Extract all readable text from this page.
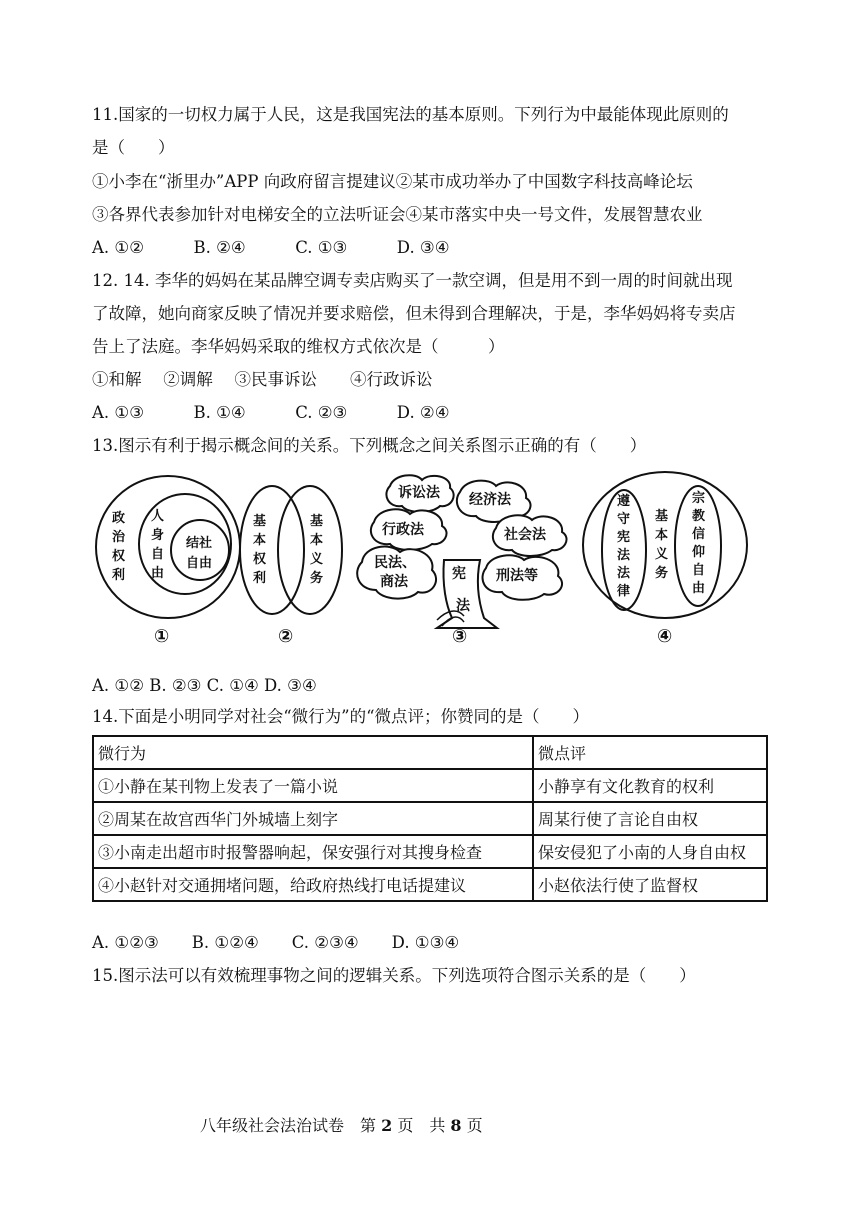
11.国家的一切权力属于人民，这是我国宪法的基本原则。下列行为中最能体现此原则的
是（　　）
①小李在“浙里办”APP 向政府留言提建议②某市成功举办了中国数字科技高峰论坛
③各界代表参加针对电梯安全的立法听证会④某市落实中央一号文件，发展智慧农业
A. ①②　　　B. ②④　　　C. ①③　　　D. ③④
12. 14. 李华的妈妈在某品牌空调专卖店购买了一款空调，但是用不到一周的时间就出现
了故障，她向商家反映了情况并要求赔偿，但未得到合理解决，于是，李华妈妈将专卖店
告上了法庭。李华妈妈采取的维权方式依次是（　　　）
①和解　 ②调解　 ③民事诉讼　　④行政诉讼
A. ①③　　　B. ①④　　　C. ②③　　　D. ②④
13.图示有利于揭示概念间的关系。下列概念之间关系图示正确的有（　　）
政
治
权
利
人
身
自
由
结社
自由
①
基
本
权
利
基
本
义
务
②
诉讼法 经济法
行政法	社会法
刑法等
民法、
商法	宪
法
③
遵
守
宪
法
法
律
基
本
义
务
宗
教
信
仰
自
由
④
A. ①② B. ②③ C. ①④ D. ③④
14.下面是小明同学对社会“微行为”的“微点评；你赞同的是（　　）
微行为	微点评
①小静在某刊物上发表了一篇小说	小静享有文化教育的权利
②周某在故宫西华门外城墙上刻字	周某行使了言论自由权
③小南走出超市时报警器响起，保安强行对其搜身检查	保安侵犯了小南的人身自由权
④小赵针对交通拥堵问题，给政府热线打电话提建议	小赵依法行使了监督权
A. ①②③　　B. ①②④　　C. ②③④　　D. ①③④
15.图示法可以有效梳理事物之间的逻辑关系。下列选项符合图示关系的是（　　）
八年级社会法治试卷　第 2 页　共 8 页
